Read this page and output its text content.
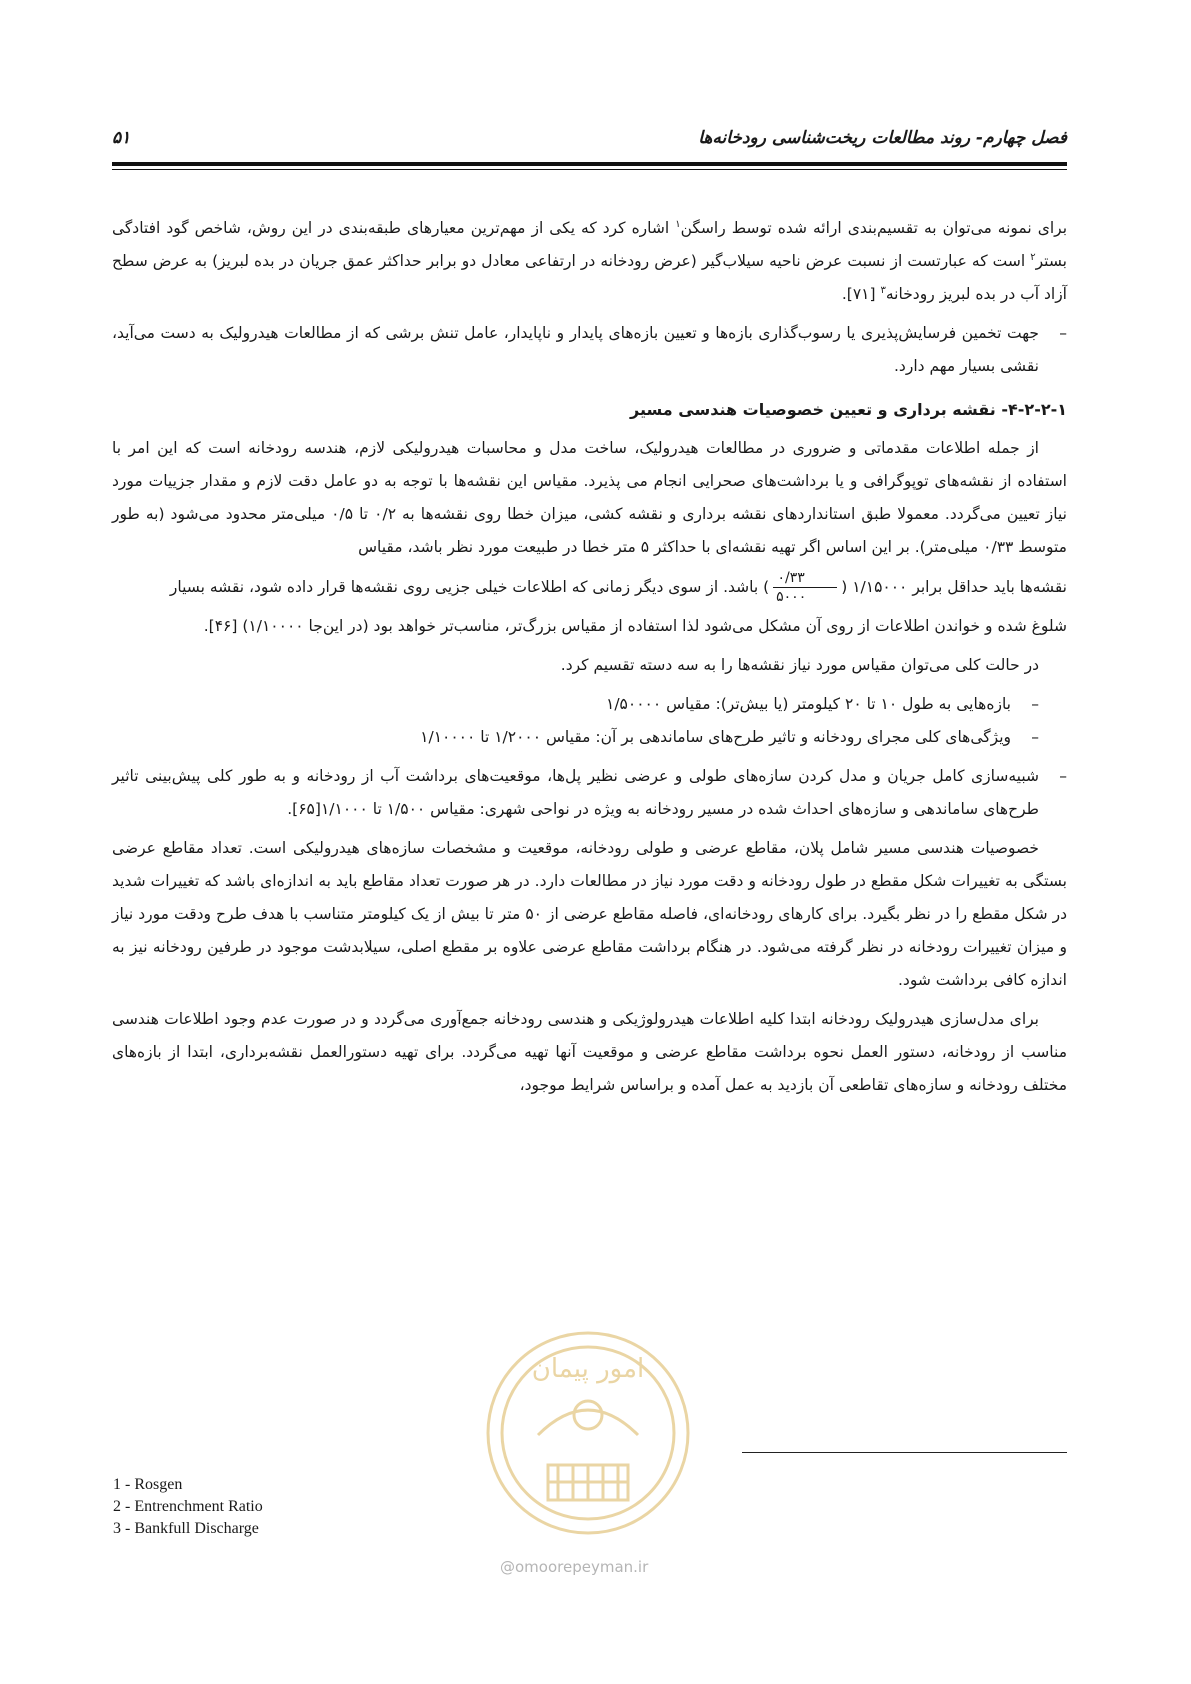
فصل چهارم- روند مطالعات ریخت‌شناسی رودخانه‌ها
۵۱

برای نمونه می‌توان به تقسیم‌بندی ارائه شده توسط راسگن$^۱$ اشاره کرد که یکی از مهم‌ترین معیارهای طبقه‌بندی در این روش، شاخص گود افتادگی بستر$^۲$ است که عبارتست از نسبت عرض ناحیه سیلاب‌گیر (عرض رودخانه در ارتفاعی معادل دو برابر حداکثر عمق جریان در بده لبریز) به عرض سطح آزاد آب در بده لبریز رودخانه$^۳$ [۷۱].

–
جهت تخمین فرسایش‌پذیری یا رسوب‌گذاری بازه‌ها و تعیین بازه‌های پایدار و ناپایدار، عامل تنش برشی که از مطالعات هیدرولیک به دست می‌آید، نقشی بسیار مهم دارد.

۴-۲-۲-۱- نقشه برداری و تعیین خصوصیات هندسی مسیر

از جمله اطلاعات مقدماتی و ضروری در مطالعات هیدرولیک، ساخت مدل و محاسبات هیدرولیکی لازم، هندسه رودخانه است که این امر با استفاده از نقشه‌های توپوگرافی و یا برداشت‌های صحرایی انجام می پذیرد. مقیاس این نقشه‌ها با توجه به دو عامل دقت لازم و مقدار جزییات مورد نیاز تعیین می‌گردد. معمولا طبق استانداردهای نقشه برداری و نقشه کشی، میزان خطا روی نقشه‌ها به ۰/۲ تا ۰/۵ میلی‌متر محدود می‌شود (به طور متوسط ۰/۳۳ میلی‌متر). بر این اساس اگر تهیه نقشه‌ای با حداکثر ۵ متر خطا در طبیعت مورد نظر باشد، مقیاس
نقشه‌ها باید حداقل برابر ۱/۱۵۰۰۰ (
$\frac{۰/۳۳}{۵۰۰۰}$
) باشد. از سوی دیگر زمانی که اطلاعات خیلی جزیی روی نقشه‌ها قرار داده شود، نقشه بسیار
شلوغ شده و خواندن اطلاعات از روی آن مشکل می‌شود لذا استفاده از مقیاس بزرگ‌تر، مناسب‌تر خواهد بود (در این‌جا ۱/۱۰۰۰۰) [۴۶].

در حالت کلی می‌توان مقیاس مورد نیاز نقشه‌ها را به سه دسته تقسیم کرد.

–
بازه‌هایی به طول ۱۰ تا ۲۰ کیلومتر (یا بیش‌تر): مقیاس ۱/۵۰۰۰۰
–
ویژگی‌های کلی مجرای رودخانه و تاثیر طرح‌های ساماندهی بر آن: مقیاس ۱/۲۰۰۰ تا ۱/۱۰۰۰۰
–
شبیه‌سازی کامل جریان و مدل کردن سازه‌های طولی و عرضی نظیر پل‌ها، موقعیت‌های برداشت آب از رودخانه و به طور کلی پیش‌بینی تاثیر طرح‌های ساماندهی و سازه‌های احداث شده در مسیر رودخانه به ویژه در نواحی شهری: مقیاس ۱/۵۰۰ تا ۱/۱۰۰۰[۶۵].

خصوصیات هندسی مسیر شامل پلان، مقاطع عرضی و طولی رودخانه، موقعیت و مشخصات سازه‌های هیدرولیکی است. تعداد مقاطع عرضی بستگی به تغییرات شکل مقطع در طول رودخانه و دقت مورد نیاز در مطالعات دارد. در هر صورت تعداد مقاطع باید به اندازه‌ای باشد که تغییرات شدید در شکل مقطع را در نظر بگیرد. برای کارهای رودخانه‌ای، فاصله مقاطع عرضی از ۵۰ متر تا بیش از یک کیلومتر متناسب با هدف طرح ودقت مورد نیاز و میزان تغییرات رودخانه در نظر گرفته می‌شود. در هنگام برداشت مقاطع عرضی علاوه بر مقطع اصلی، سیلابدشت موجود در طرفین رودخانه نیز به اندازه کافی برداشت شود.

برای مدل‌سازی هیدرولیک رودخانه ابتدا کلیه اطلاعات هیدرولوژیکی و هندسی رودخانه جمع‌آوری می‌گردد و در صورت عدم وجود اطلاعات هندسی مناسب از رودخانه، دستور العمل نحوه برداشت مقاطع عرضی و موقعیت آنها تهیه می‌گردد. برای تهیه دستورالعمل نقشه‌برداری، ابتدا از بازه‌های مختلف رودخانه و سازه‌های تقاطعی آن بازدید به عمل آمده و براساس شرایط موجود،

امور پیمان
@omoorepeyman.ir
1 - Rosgen
2 - Entrenchment Ratio
3 - Bankfull Discharge
